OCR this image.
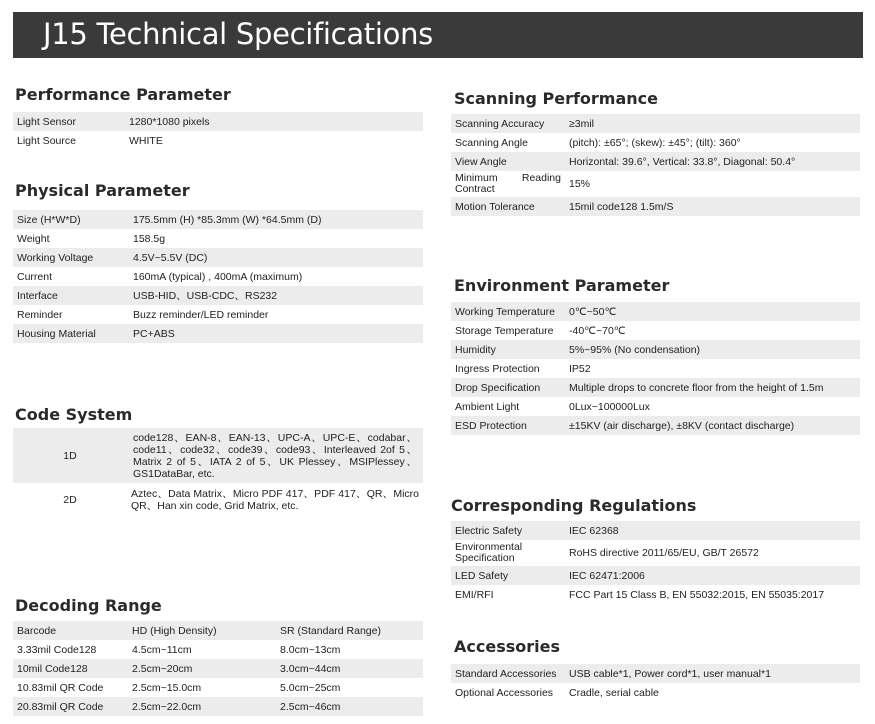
J15 Technical Specifications
Performance Parameter
Light Sensor	1280*1080 pixels
Light Source	WHITE
Physical Parameter
Size (H*W*D)	175.5mm (H) *85.3mm (W) *64.5mm (D)
Weight	158.5g
Working Voltage	4.5V~5.5V (DC)
Current	160mA (typical) , 400mA (maximum)
Interface	USB-HID、USB-CDC、RS232
Reminder	Buzz reminder/LED reminder
Housing Material	PC+ABS
Code System
1D	code128、EAN-8、EAN-13、UPC-A、UPC-E、codabar、code11、code32、code39、code93、Interleaved 2of 5、Matrix 2 of 5、IATA 2 of 5、UK Plessey、MSIPlessey、GS1DataBar, etc.
2D	Aztec、Data Matrix、Micro PDF 417、PDF 417、QR、Micro QR、Han xin code, Grid Matrix, etc.
Decoding Range
Barcode	HD (High Density)	SR (Standard Range)
3.33mil Code128	4.5cm~11cm	8.0cm~13cm
10mil Code128	2.5cm~20cm	3.0cm~44cm
10.83mil QR Code	2.5cm~15.0cm	5.0cm~25cm
20.83mil QR Code	2.5cm~22.0cm	2.5cm~46cm
Scanning Performance
Scanning Accuracy	≥3mil
Scanning Angle	(pitch): ±65°; (skew): ±45°; (tilt): 360°
View Angle	Horizontal: 39.6°, Vertical: 33.8°, Diagonal: 50.4°
Minimum Reading Contract	15%
Motion Tolerance	15mil code128 1.5m/S
Environment Parameter
Working Temperature	0℃~50℃
Storage Temperature	-40℃~70℃
Humidity	5%~95% (No condensation)
Ingress Protection	IP52
Drop Specification	Multiple drops to concrete floor from the height of 1.5m
Ambient Light	0Lux~100000Lux
ESD Protection	±15KV (air discharge), ±8KV (contact discharge)
Corresponding Regulations
Electric Safety	IEC 62368
Environmental Specification	RoHS directive 2011/65/EU, GB/T 26572
LED Safety	IEC 62471:2006
EMI/RFI	FCC Part 15 Class B, EN 55032:2015, EN 55035:2017
Accessories
Standard Accessories	USB cable*1, Power cord*1, user manual*1
Optional Accessories	Cradle, serial cable
